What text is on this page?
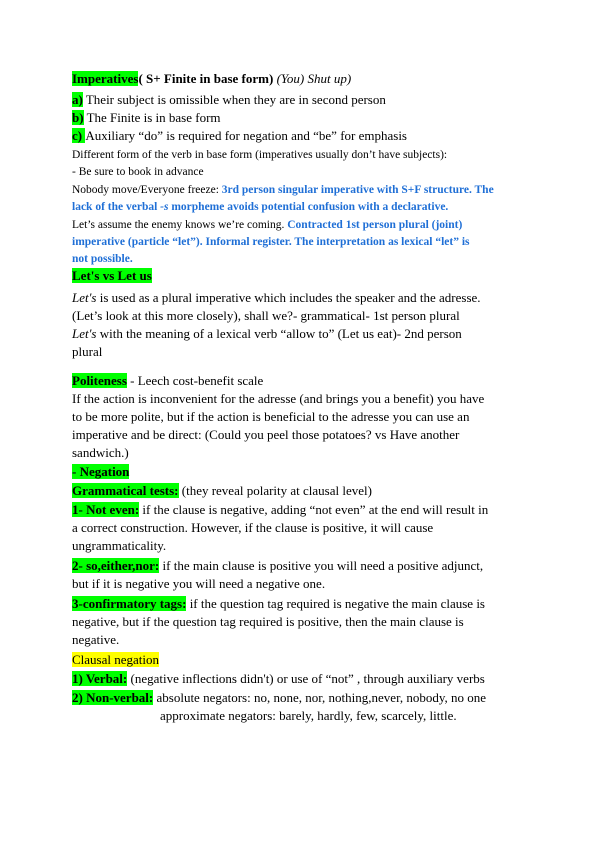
Imperatives( S+ Finite in base form) (You) Shut up)
a) Their subject is omissible when they are in second person
b) The Finite is in base form
c) Auxiliary “do” is required for negation and “be” for emphasis
Different form of the verb in base form (imperatives usually don’t have subjects):
- Be sure to book in advance
Nobody move/Everyone freeze: 3rd person singular imperative with S+F structure. The
lack of the verbal -s morpheme avoids potential confusion with a declarative.
Let’s assume the enemy knows we’re coming. Contracted 1st person plural (joint)
imperative (particle “let”). Informal register. The interpretation as lexical “let” is
not possible.
Let's vs Let us
Let's is used as a plural imperative which includes the speaker and the adresse.
(Let’s look at this more closely), shall we?- grammatical- 1st person plural
Let's with the meaning of a lexical verb “allow to” (Let us eat)- 2nd person
plural
Politeness - Leech cost-benefit scale
If the action is inconvenient for the adresse (and brings you a benefit) you have
to be more polite, but if the action is beneficial to the adresse you can use an
imperative and be direct: (Could you peel those potatoes? vs Have another
sandwich.)
- Negation
Grammatical tests: (they reveal polarity at clausal level)
1- Not even: if the clause is negative, adding “not even” at the end will result in
a correct construction. However, if the clause is positive, it will cause
ungrammaticality.
2- so,either,nor: if the main clause is positive you will need a positive adjunct,
but if it is negative you will need a negative one.
3-confirmatory tags: if the question tag required is negative the main clause is
negative, but if the question tag required is positive, then the main clause is
negative.
Clausal negation
1) Verbal: (negative inflections didn't) or use of “not” , through auxiliary verbs
2) Non-verbal: absolute negators: no, none, nor, nothing,never, nobody, no one
approximate negators: barely, hardly, few, scarcely, little.
